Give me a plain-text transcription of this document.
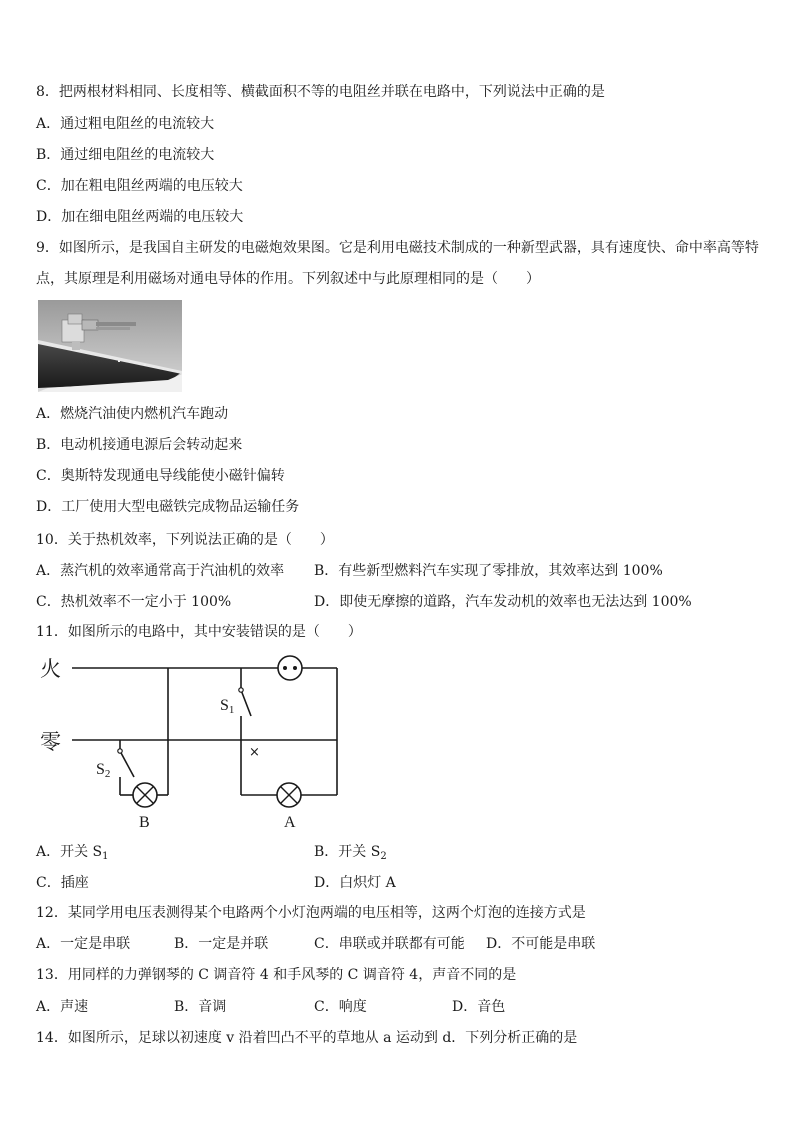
8．把两根材料相同、长度相等、横截面积不等的电阻丝并联在电路中，下列说法中正确的是
A．通过粗电阻丝的电流较大
B．通过细电阻丝的电流较大
C．加在粗电阻丝两端的电压较大
D．加在细电阻丝两端的电压较大
9．如图所示，是我国自主研发的电磁炮效果图。它是利用电磁技术制成的一种新型武器，具有速度快、命中率高等特
点，其原理是利用磁场对通电导体的作用。下列叙述中与此原理相同的是（　　）
A．燃烧汽油使内燃机汽车跑动
B．电动机接通电源后会转动起来
C．奥斯特发现通电导线能使小磁针偏转
D．工厂使用大型电磁铁完成物品运输任务
10．关于热机效率，下列说法正确的是（　　）
A．蒸汽机的效率通常高于汽油机的效率 B．有些新型燃料汽车实现了零排放，其效率达到 100%
C．热机效率不一定小于 100%	D．即使无摩擦的道路，汽车发动机的效率也无法达到 100%
11．如图所示的电路中，其中安装错误的是（　　）
火
零
S1
S2
B	A
×
A．开关 $S_1$	B．开关 $S_2$
C．插座	D．白炽灯 A
12．某同学用电压表测得某个电路两个小灯泡两端的电压相等，这两个灯泡的连接方式是
A．一定是串联	B．一定是并联	C．串联或并联都有可能 D．不可能是串联
13．用同样的力弹钢琴的 C 调音符 4 和手风琴的 C 调音符 4，声音不同的是
A．声速	B．音调	C．响度	D．音色
14．如图所示，足球以初速度 v 沿着凹凸不平的草地从 a 运动到 d．下列分析正确的是
